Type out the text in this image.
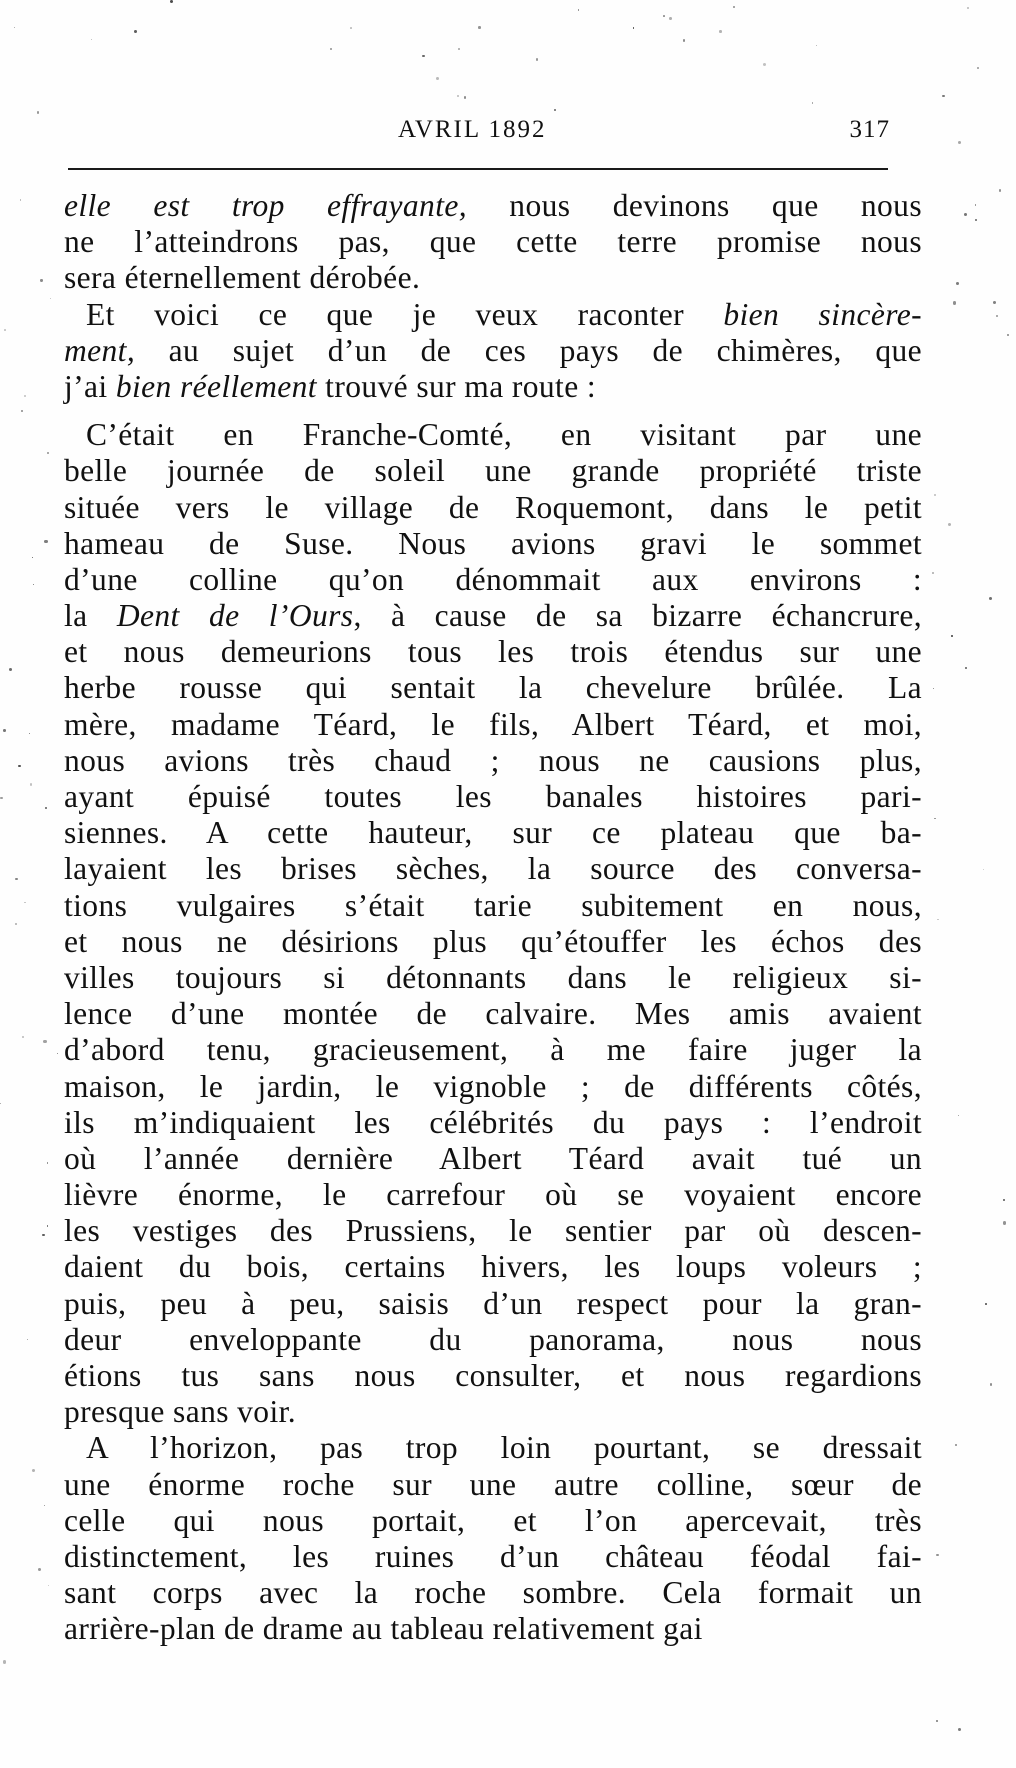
AVRIL 1892	317
elle est trop effrayante, nous devinons que nous
ne l’atteindrons pas, que cette terre promise nous
sera éternellement dérobée.
Et voici ce que je veux raconter bien sincère-
ment, au sujet d’un de ces pays de chimères, que
j’ai bien réellement trouvé sur ma route :
C’était en Franche-Comté, en visitant par une
belle journée de soleil une grande propriété triste
située vers le village de Roquemont, dans le petit
hameau de Suse. Nous avions gravi le sommet
d’une colline qu’on dénommait aux environs :
la Dent de l’Ours, à cause de sa bizarre échancrure,
et nous demeurions tous les trois étendus sur une
herbe rousse qui sentait la chevelure brûlée. La
mère, madame Téard, le fils, Albert Téard, et moi,
nous avions très chaud ; nous ne causions plus,
ayant épuisé toutes les banales histoires pari-
siennes. A cette hauteur, sur ce plateau que ba-
layaient les brises sèches, la source des conversa-
tions vulgaires s’était tarie subitement en nous,
et nous ne désirions plus qu’étouffer les échos des
villes toujours si détonnants dans le religieux si-
lence d’une montée de calvaire. Mes amis avaient
d’abord tenu, gracieusement, à me faire juger la
maison, le jardin, le vignoble ; de différents côtés,
ils m’indiquaient les célébrités du pays : l’endroit
où l’année dernière Albert Téard avait tué un
lièvre énorme, le carrefour où se voyaient encore
les vestiges des Prussiens, le sentier par où descen-
daient du bois, certains hivers, les loups voleurs ;
puis, peu à peu, saisis d’un respect pour la gran-
deur enveloppante du panorama, nous nous
étions tus sans nous consulter, et nous regardions
presque sans voir.
A l’horizon, pas trop loin pourtant, se dressait
une énorme roche sur une autre colline, sœur de
celle qui nous portait, et l’on apercevait, très
distinctement, les ruines d’un château féodal fai-
sant corps avec la roche sombre. Cela formait un
arrière-plan de drame au tableau relativement gai
